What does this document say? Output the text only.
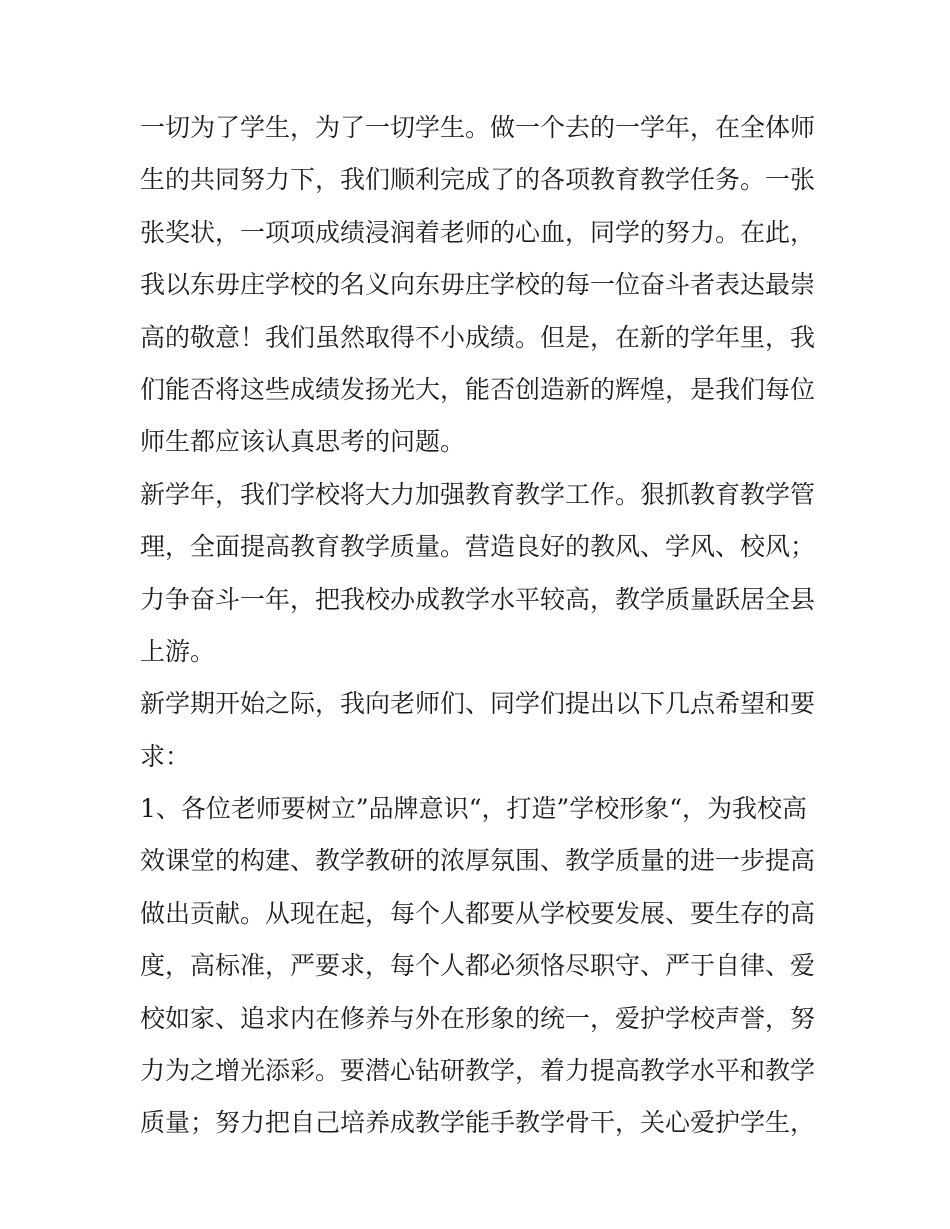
一切为了学生，为了一切学生。做一个去的一学年，在全体师
生的共同努力下，我们顺利完成了的各项教育教学任务。一张
张奖状，一项项成绩浸润着老师的心血，同学的努力。在此，
我以东毋庄学校的名义向东毋庄学校的每一位奋斗者表达最崇
高的敬意！我们虽然取得不小成绩。但是，在新的学年里，我
们能否将这些成绩发扬光大，能否创造新的辉煌，是我们每位
师生都应该认真思考的问题。
新学年，我们学校将大力加强教育教学工作。狠抓教育教学管
理，全面提高教育教学质量。营造良好的教风、学风、校风；
力争奋斗一年，把我校办成教学水平较高，教学质量跃居全县
上游。
新学期开始之际，我向老师们、同学们提出以下几点希望和要
求：
1、各位老师要树立”品牌意识“，打造”学校形象“，为我校高
效课堂的构建、教学教研的浓厚氛围、教学质量的进一步提高
做出贡献。从现在起，每个人都要从学校要发展、要生存的高
度，高标准，严要求，每个人都必须恪尽职守、严于自律、爱
校如家、追求内在修养与外在形象的统一，爱护学校声誉，努
力为之增光添彩。要潜心钻研教学，着力提高教学水平和教学
质量；努力把自己培养成教学能手教学骨干，关心爱护学生，
